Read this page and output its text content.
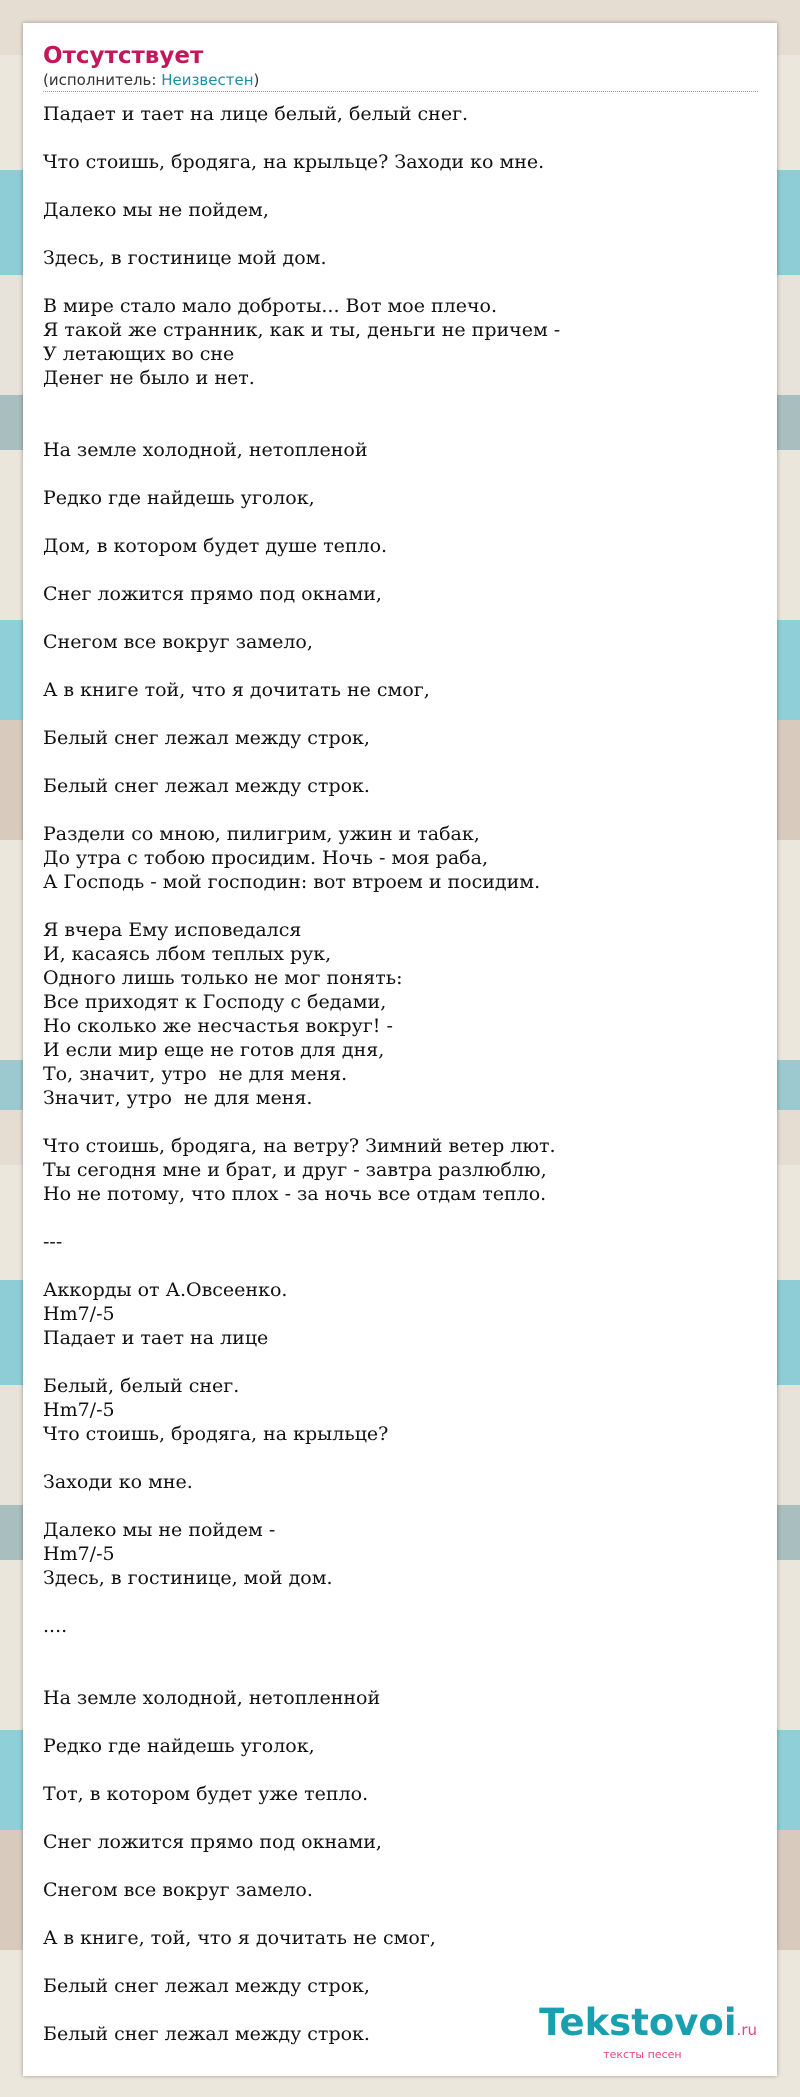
Отсутствует
(исполнитель: Неизвестен)
Падает и тает на лице белый, белый снег.
Что стоишь, бродяга, на крыльце? Заходи ко мне.
Далеко мы не пойдем,
Здесь, в гостинице мой дом.
В мире стало мало доброты... Вот мое плечо.
Я такой же странник, как и ты, деньги не причем -
У летающих во сне
Денег не было и нет.
На земле холодной, нетопленой
Редко где найдешь уголок,
Дом, в котором будет душе тепло.
Снег ложится прямо под окнами,
Снегом все вокруг замело,
А в книге той, что я дочитать не смог,
Белый снег лежал между строк,
Белый снег лежал между строк.
Раздели со мною, пилигрим, ужин и табак,
До утра с тобою просидим. Ночь - моя раба,
А Господь - мой господин: вот втроем и посидим.
Я вчера Ему исповедался
И, касаясь лбом теплых рук,
Одного лишь только не мог понять:
Все приходят к Господу с бедами,
Но сколько же несчастья вокруг! -
И если мир еще не готов для дня,
То, значит, утро  не для меня.
Значит, утро  не для меня.
Что стоишь, бродяга, на ветру? Зимний ветер лют.
Ты сегодня мне и брат, и друг - завтра разлюблю,
Но не потому, что плох - за ночь все отдам тепло.
---
Аккорды от А.Овсеенко.
Hm7/-5
Падает и тает на лице
Белый, белый снег.
Hm7/-5
Что стоишь, бродяга, на крыльце?
Заходи ко мне.
Далеко мы не пойдем -
Hm7/-5
Здесь, в гостинице, мой дом.
....
На земле холодной, нетопленной
Редко где найдешь уголок,
Тот, в котором будет уже тепло.
Снег ложится прямо под окнами,
Снегом все вокруг замело.
А в книге, той, что я дочитать не смог,
Белый снег лежал между строк,
Белый снег лежал между строк.	Tekstovoi.ru
тексты песен
